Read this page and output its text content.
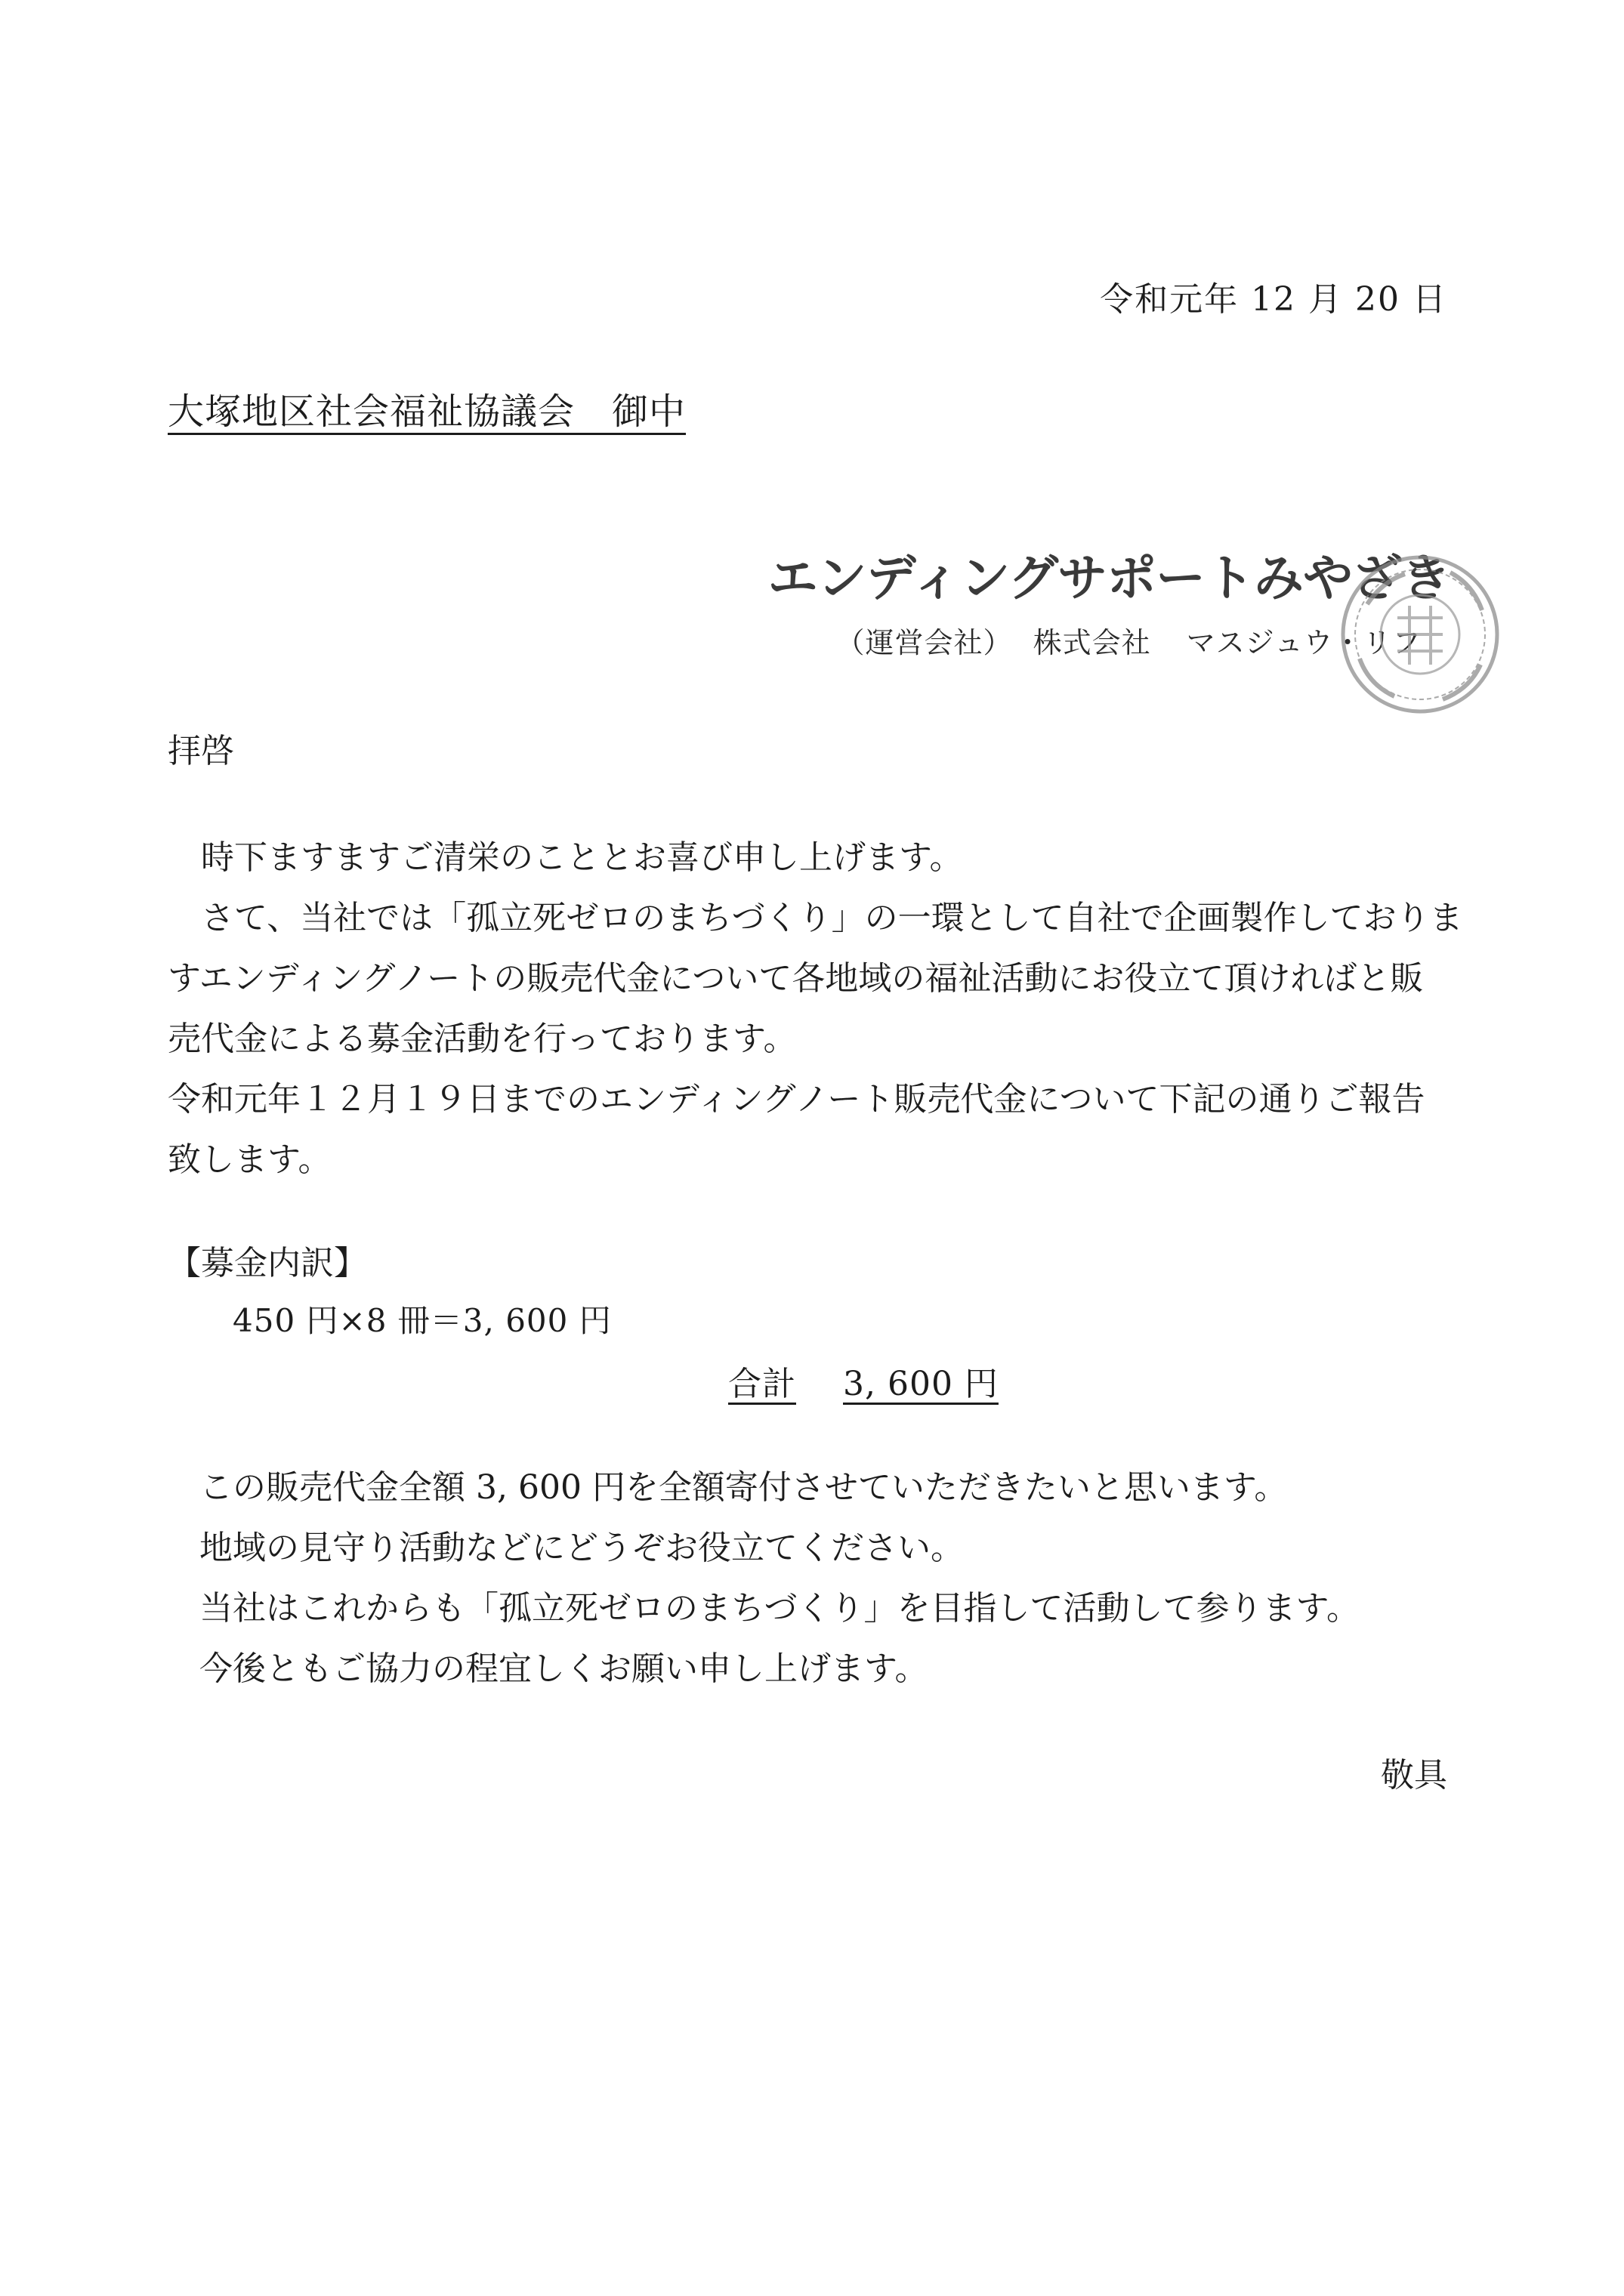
令和元年 12 月 20 日
大塚地区社会福祉協議会　御中
エンディングサポートみやざき
（運営会社） 株式会社 マスジュウ・リフ
拝啓

時下ますますご清栄のこととお喜び申し上げます。

さて、当社では「孤立死ゼロのまちづくり」の一環として自社で企画製作しておりま

すエンディングノートの販売代金について各地域の福祉活動にお役立て頂ければと販

売代金による募金活動を行っております。

令和元年１２月１９日までのエンディングノート販売代金について下記の通りご報告

致します。

【募金内訳】
450 円×8 冊＝3, 600 円
合計 3, 600 円

この販売代金全額 3, 600 円を全額寄付させていただきたいと思います。

地域の見守り活動などにどうぞお役立てください。

当社はこれからも「孤立死ゼロのまちづくり」を目指して活動して参ります。

今後ともご協力の程宜しくお願い申し上げます。

敬具
